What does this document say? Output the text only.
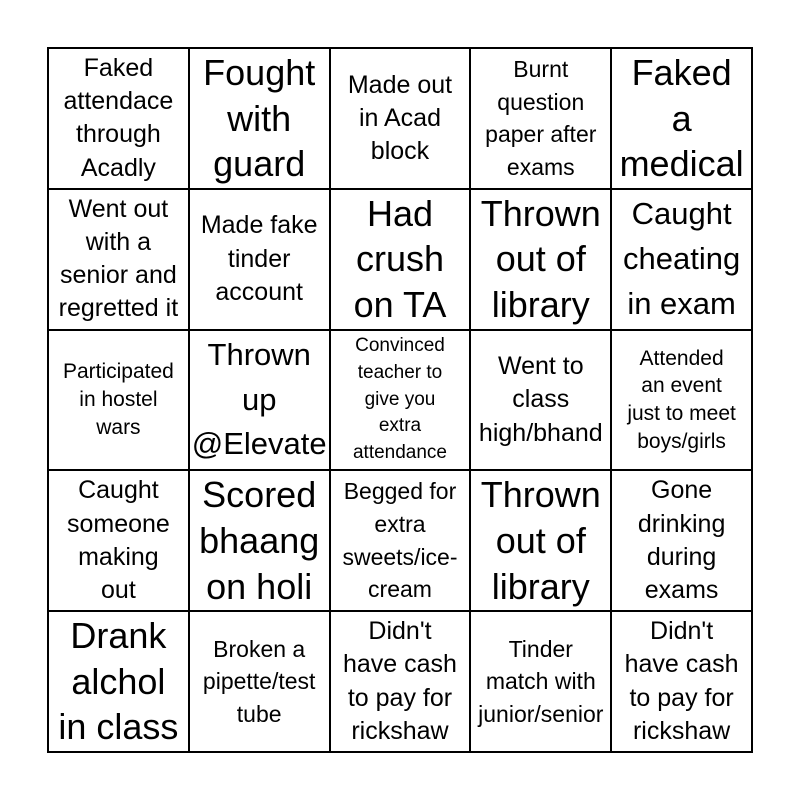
Faked
attendace
through
Acadly
Fought
with
guard
Made out
in Acad
block
Burnt
question
paper after
exams
Faked
a
medical
Went out
with a
senior and
regretted it
Made fake
tinder
account
Had
crush
on TA
Thrown
out of
library
Caught
cheating
in exam
Participated
in hostel
wars
Thrown
up
@Elevate
Convinced
teacher to
give you
extra
attendance
Went to
class
high/bhand
Attended
an event
just to meet
boys/girls
Caught
someone
making
out
Scored
bhaang
on holi
Begged for
extra
sweets/ice-
cream
Thrown
out of
library
Gone
drinking
during
exams
Drank
alchol
in class
Broken a
pipette/test
tube
Didn't
have cash
to pay for
rickshaw
Tinder
match with
junior/senior
Didn't
have cash
to pay for
rickshaw
